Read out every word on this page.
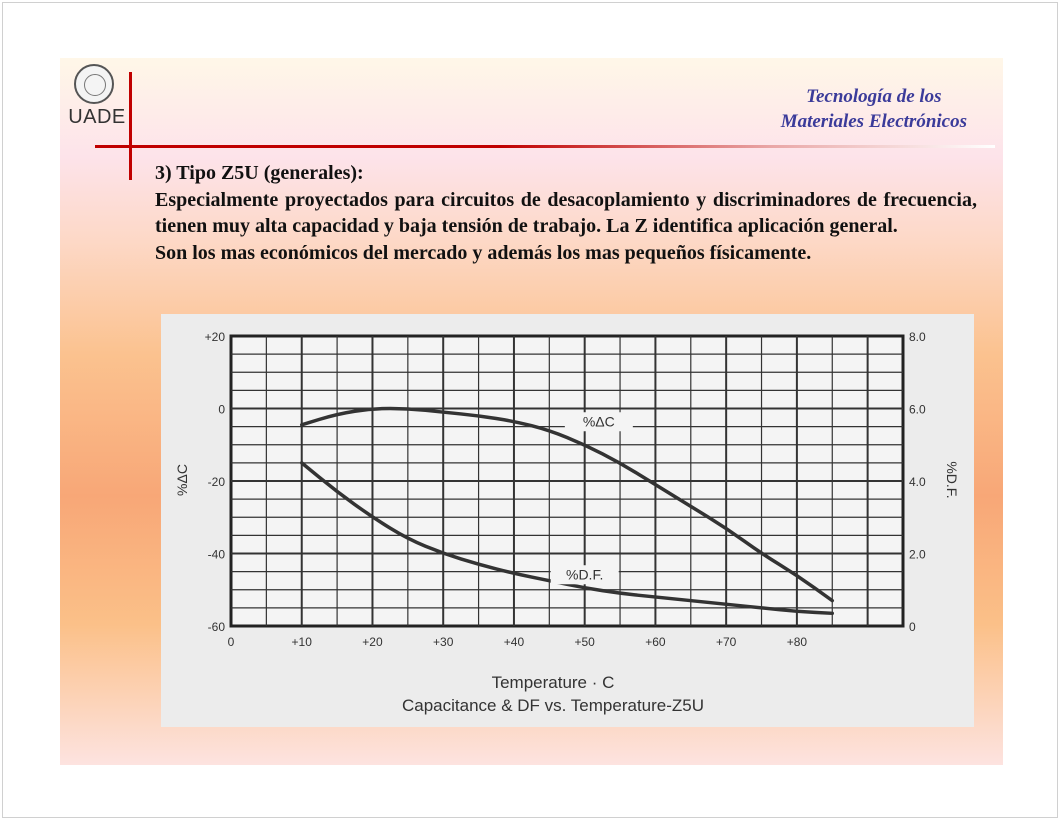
UADE
Tecnología de los
Materiales Electrónicos

3) Tipo Z5U (generales):

Especialmente proyectados para circuitos de desacoplamiento y discriminadores de frecuencia, tienen muy alta capacidad y baja tensión de trabajo. La Z identifica aplicación general.

Son los mas económicos del mercado y además los mas pequeños físicamente.

0	+10	+20	+30	+40	+50	+60	+70	+80
+20
0
-20
-40
-60
8.0
6.0
4.0
2.0
0
%ΔC
%D.F.
%ΔC	%D.F.
Temperature · C
Capacitance & DF vs. Temperature-Z5U
